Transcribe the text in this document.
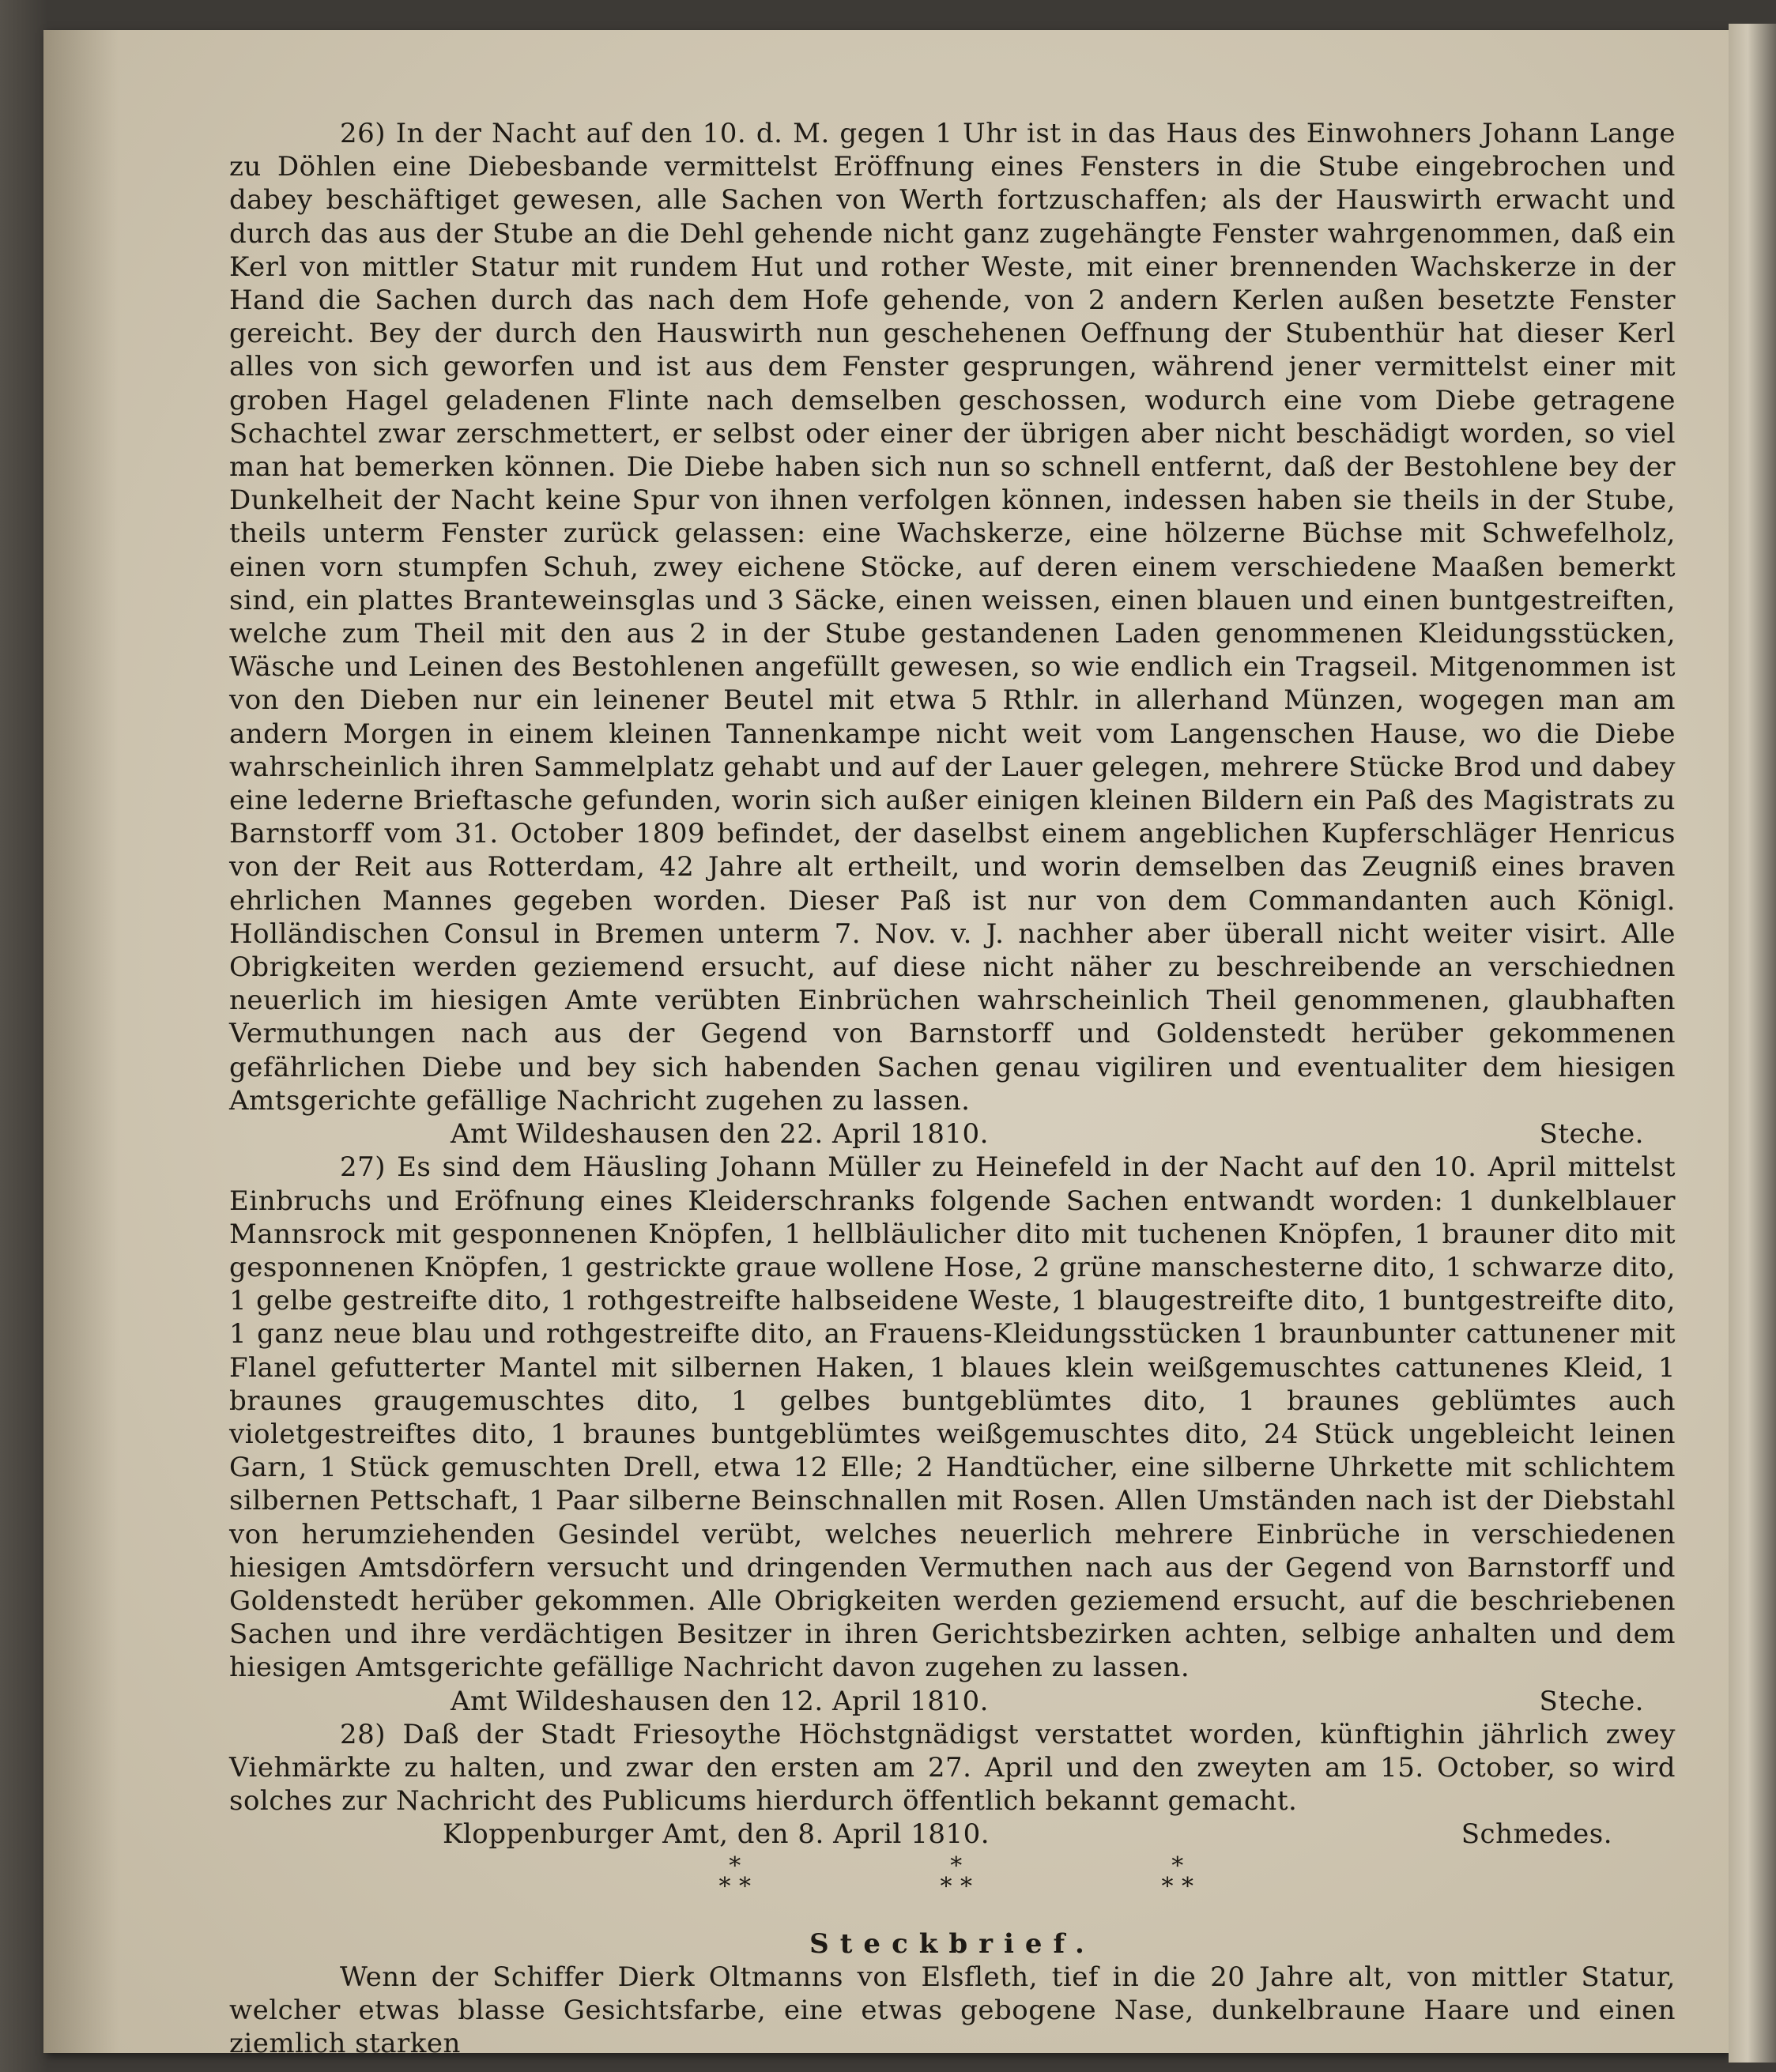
26) In der Nacht auf den 10. d. M. gegen 1 Uhr ist in das Haus des Einwohners Johann Lange zu Döhlen eine Diebesbande vermittelst Eröffnung eines Fensters in die Stube eingebrochen und dabey beschäftiget gewesen, alle Sachen von Werth fortzuschaffen; als der Hauswirth erwacht und durch das aus der Stube an die Dehl gehende nicht ganz zugehängte Fenster wahrgenommen, daß ein Kerl von mittler Statur mit rundem Hut und rother Weste, mit einer brennenden Wachskerze in der Hand die Sachen durch das nach dem Hofe gehende, von 2 andern Kerlen außen besetzte Fenster gereicht. Bey der durch den Hauswirth nun geschehenen Oeffnung der Stubenthür hat dieser Kerl alles von sich geworfen und ist aus dem Fenster gesprungen, während jener vermittelst einer mit groben Hagel geladenen Flinte nach demselben geschossen, wodurch eine vom Diebe getragene Schachtel zwar zerschmettert, er selbst oder einer der übrigen aber nicht beschädigt worden, so viel man hat bemerken können. Die Diebe haben sich nun so schnell entfernt, daß der Bestohlene bey der Dunkelheit der Nacht keine Spur von ihnen verfolgen können, indessen haben sie theils in der Stube, theils unterm Fenster zurück gelassen: eine Wachskerze, eine hölzerne Büchse mit Schwefelholz, einen vorn stumpfen Schuh, zwey eichene Stöcke, auf deren einem verschiedene Maaßen bemerkt sind, ein plattes Branteweinsglas und 3 Säcke, einen weissen, einen blauen und einen buntgestreiften, welche zum Theil mit den aus 2 in der Stube gestandenen Laden genommenen Kleidungsstücken, Wäsche und Leinen des Bestohlenen angefüllt gewesen, so wie endlich ein Tragseil. Mitgenommen ist von den Dieben nur ein leinener Beutel mit etwa 5 Rthlr. in allerhand Münzen, wogegen man am andern Morgen in einem kleinen Tannenkampe nicht weit vom Langenschen Hause, wo die Diebe wahrscheinlich ihren Sammelplatz gehabt und auf der Lauer gelegen, mehrere Stücke Brod und dabey eine lederne Brieftasche gefunden, worin sich außer einigen kleinen Bildern ein Paß des Magistrats zu Barnstorff vom 31. October 1809 befindet, der daselbst einem angeblichen Kupferschläger Henricus von der Reit aus Rotterdam, 42 Jahre alt ertheilt, und worin demselben das Zeugniß eines braven ehrlichen Mannes gegeben worden. Dieser Paß ist nur von dem Commandanten auch Königl. Holländischen Consul in Bremen unterm 7. Nov. v. J. nachher aber überall nicht weiter visirt. Alle Obrigkeiten werden geziemend ersucht, auf diese nicht näher zu beschreibende an verschiednen neuerlich im hiesigen Amte verübten Einbrüchen wahrscheinlich Theil genommenen, glaubhaften Vermuthungen nach aus der Gegend von Barnstorff und Goldenstedt herüber gekommenen gefährlichen Diebe und bey sich habenden Sachen genau vigiliren und eventualiter dem hiesigen Amtsgerichte gefällige Nachricht zugehen zu lassen.

Amt Wildeshausen den 22. April 1810.	Steche.

27) Es sind dem Häusling Johann Müller zu Heinefeld in der Nacht auf den 10. April mittelst Einbruchs und Eröfnung eines Kleiderschranks folgende Sachen entwandt worden: 1 dunkelblauer Mannsrock mit gesponnenen Knöpfen, 1 hellbläulicher dito mit tuchenen Knöpfen, 1 brauner dito mit gesponnenen Knöpfen, 1 gestrickte graue wollene Hose, 2 grüne manschesterne dito, 1 schwarze dito, 1 gelbe gestreifte dito, 1 rothgestreifte halbseidene Weste, 1 blaugestreifte dito, 1 buntgestreifte dito, 1 ganz neue blau und rothgestreifte dito, an Frauens-Kleidungsstücken 1 braunbunter cattunener mit Flanel gefutterter Mantel mit silbernen Haken, 1 blaues klein weißgemuschtes cattunenes Kleid, 1 braunes graugemuschtes dito, 1 gelbes buntgeblümtes dito, 1 braunes geblümtes auch violetgestreiftes dito, 1 braunes buntgeblümtes weißgemuschtes dito, 24 Stück ungebleicht leinen Garn, 1 Stück gemuschten Drell, etwa 12 Elle; 2 Handtücher, eine silberne Uhrkette mit schlichtem silbernen Pettschaft, 1 Paar silberne Beinschnallen mit Rosen. Allen Umständen nach ist der Diebstahl von herumziehenden Gesindel verübt, welches neuerlich mehrere Einbrüche in verschiedenen hiesigen Amtsdörfern versucht und dringenden Vermuthen nach aus der Gegend von Barnstorff und Goldenstedt herüber gekommen. Alle Obrigkeiten werden geziemend ersucht, auf die beschriebenen Sachen und ihre verdächtigen Besitzer in ihren Gerichtsbezirken achten, selbige anhalten und dem hiesigen Amtsgerichte gefällige Nachricht davon zugehen zu lassen.

Amt Wildeshausen den 12. April 1810.	Steche.

28) Daß der Stadt Friesoythe Höchstgnädigst verstattet worden, künftighin jährlich zwey Viehmärkte zu halten, und zwar den ersten am 27. April und den zweyten am 15. October, so wird solches zur Nachricht des Publicums hierdurch öffentlich bekannt gemacht.

Kloppenburger Amt, den 8. April 1810.	Schmedes.
*
* *
*
* *
*
* *
Steckbrief.

Wenn der Schiffer Dierk Oltmanns von Elsfleth, tief in die 20 Jahre alt, von mittler Statur, welcher etwas blasse Gesichtsfarbe, eine etwas gebogene Nase, dunkelbraune Haare und einen ziemlich starken
